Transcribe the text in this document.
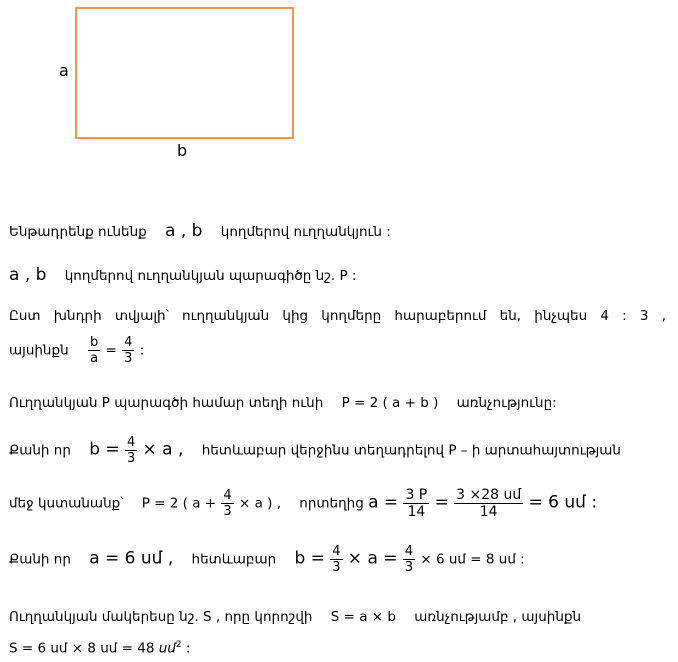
a
b
Ենթադրենք ունենք a , b կողմերով ուղղանկյուն :
a , b կողմերով ուղղանկյան պարագիծը նշ. P :
Ըստ խնդրի տվյալի՝ ուղղանկյան կից կողմերը հարաբերում են, ինչպես 4 : 3 ,
այսինքն $\frac{b}{a} = \frac{4}{3}$ :
Ուղղանկյան P պարագծի համար տեղի ունի P = 2 ( a + b ) առնչությունը:
Քանի որ $b = \frac{4}{3} \times a$ , հետևաբար վերջինս տեղադրելով P – ի արտահայտության
մեջ կստանանք՝ P = 2 ( $a + \frac{4}{3} \times a$ ) , որտեղից $a = \frac{3 P}{14} = \frac{\text{3 ×28 սմ}}{14} = 6$ սմ :
Քանի որ a = 6 սմ , հետևաբար $b = \frac{4}{3} \times a = \frac{4}{3} \times 6$ սմ = 8 սմ :
Ուղղանկյան մակերեսը նշ. S , որը կորոշվի S = a × b առնչությամբ , այսինքն
S = 6 սմ × 8 սմ = 48 սմ$^2$ :
